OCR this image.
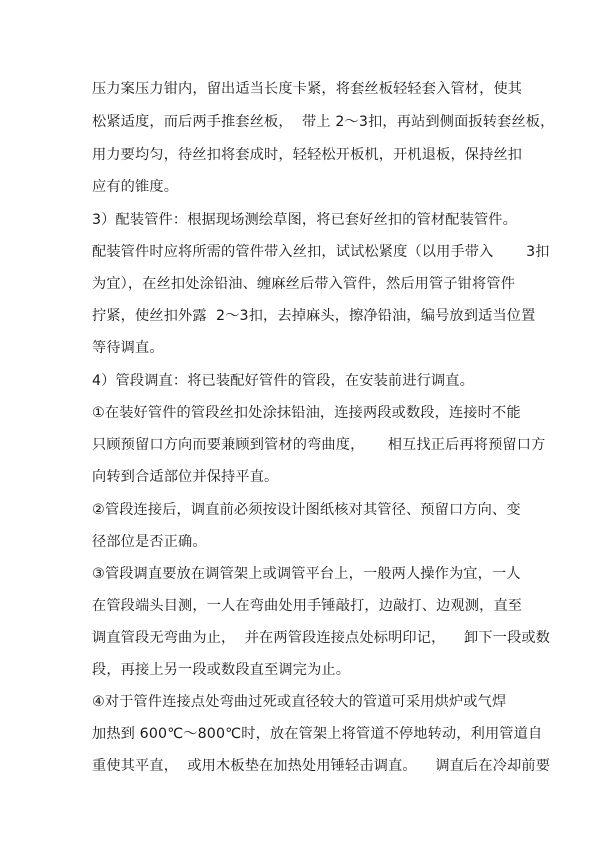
压力案压力钳内，留出适当长度卡紧，将套丝板轻轻套入管材，使其
松紧适度，而后两手推套丝板，  带上 2～3扣，再站到侧面扳转套丝板，
用力要均匀，待丝扣将套成时，轻轻松开板机，开机退板，保持丝扣
应有的锥度。
3）配装管件：根据现场测绘草图，将已套好丝扣的管材配装管件。
配装管件时应将所需的管件带入丝扣，试试松紧度（以用手带入       3扣
为宜），在丝扣处涂铅油、缠麻丝后带入管件，然后用管子钳将管件
拧紧，使丝扣外露  2～3扣，去掉麻头，擦净铅油，编号放到适当位置
等待调直。
4）管段调直：将已装配好管件的管段，在安装前进行调直。
①在装好管件的管段丝扣处涂抹铅油，连接两段或数段，连接时不能
只顾预留口方向而要兼顾到管材的弯曲度，     相互找正后再将预留口方
向转到合适部位并保持平直。
②管段连接后，调直前必须按设计图纸核对其管径、预留口方向、变
径部位是否正确。
③管段调直要放在调管架上或调管平台上，一般两人操作为宜，一人
在管段端头目测，一人在弯曲处用手锤敲打，边敲打、边观测，直至
调直管段无弯曲为止，  并在两管段连接点处标明印记，    卸下一段或数
段，再接上另一段或数段直至调完为止。
④对于管件连接点处弯曲过死或直径较大的管道可采用烘炉或气焊
加热到 600℃～800℃时，放在管架上将管道不停地转动，利用管道自
重使其平直，  或用木板垫在加热处用锤轻击调直。    调直后在冷却前要
